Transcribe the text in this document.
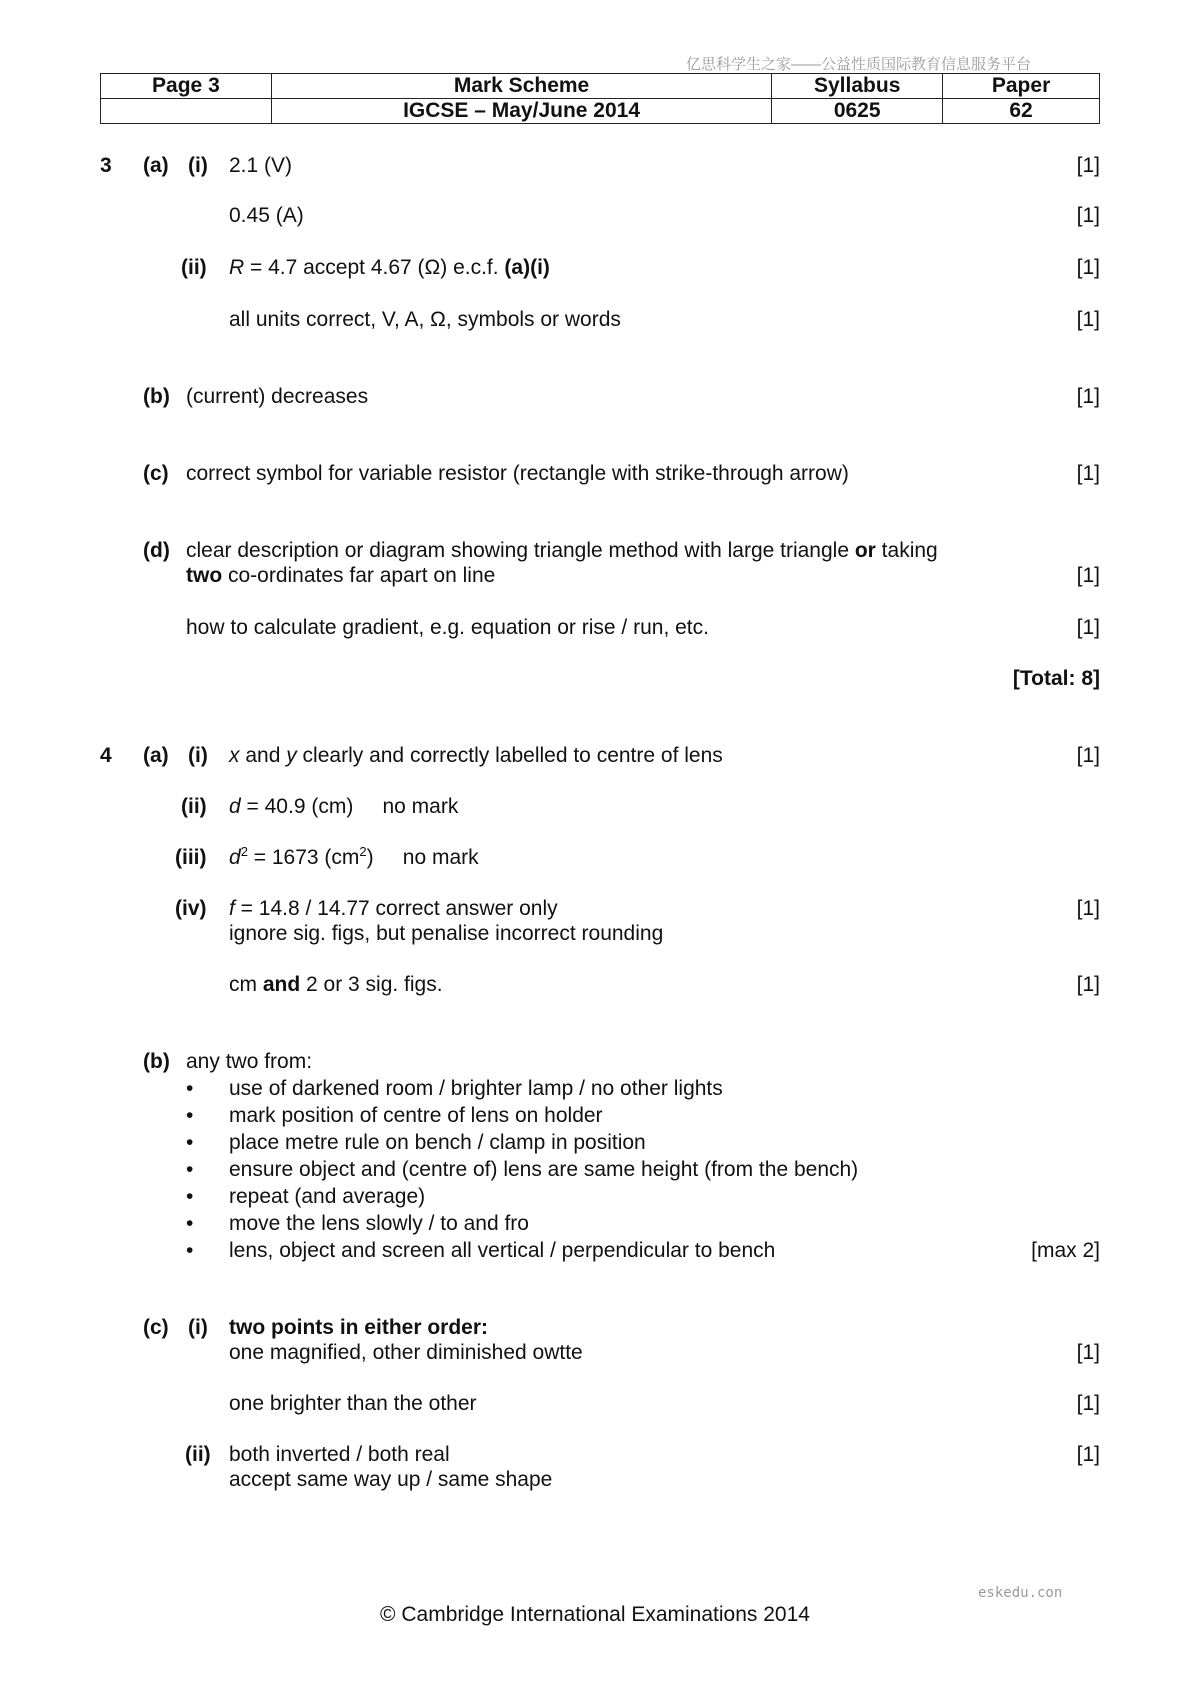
亿思科学生之家——公益性质国际教育信息服务平台
eskedu.con
Page 3	Mark Scheme	Syllabus	Paper
	IGCSE – May/June 2014	0625	62
3 (a) (i) 2.1 (V)	[1]
0.45 (A)	[1]
(ii) R = 4.7 accept 4.67 (Ω) e.c.f. (a)(i)	[1]
all units correct, V, A, Ω, symbols or words	[1]
(b) (current) decreases	[1]
(c) correct symbol for variable resistor (rectangle with strike-through arrow)	[1]
(d) clear description or diagram showing triangle method with large triangle or taking
two co-ordinates far apart on line	[1]
how to calculate gradient, e.g. equation or rise / run, etc.	[1]
[Total: 8]
4 (a) (i) x and y clearly and correctly labelled to centre of lens	[1]
(ii) d = 40.9 (cm)     no mark
(iii) $d^2 = 1673$ $(cm^2)$     no mark
(iv) f = 14.8 / 14.77 correct answer only	[1]
ignore sig. figs, but penalise incorrect rounding
cm and 2 or 3 sig. figs.	[1]
(b) any two from:
• use of darkened room / brighter lamp / no other lights
• mark position of centre of lens on holder
• place metre rule on bench / clamp in position
• ensure object and (centre of) lens are same height (from the bench)
• repeat (and average)
• move the lens slowly / to and fro
• lens, object and screen all vertical / perpendicular to bench	[max 2]
(c) (i) two points in either order:
one magnified, other diminished owtte	[1]
one brighter than the other	[1]
(ii) both inverted / both real	[1]
accept same way up / same shape
© Cambridge International Examinations 2014
